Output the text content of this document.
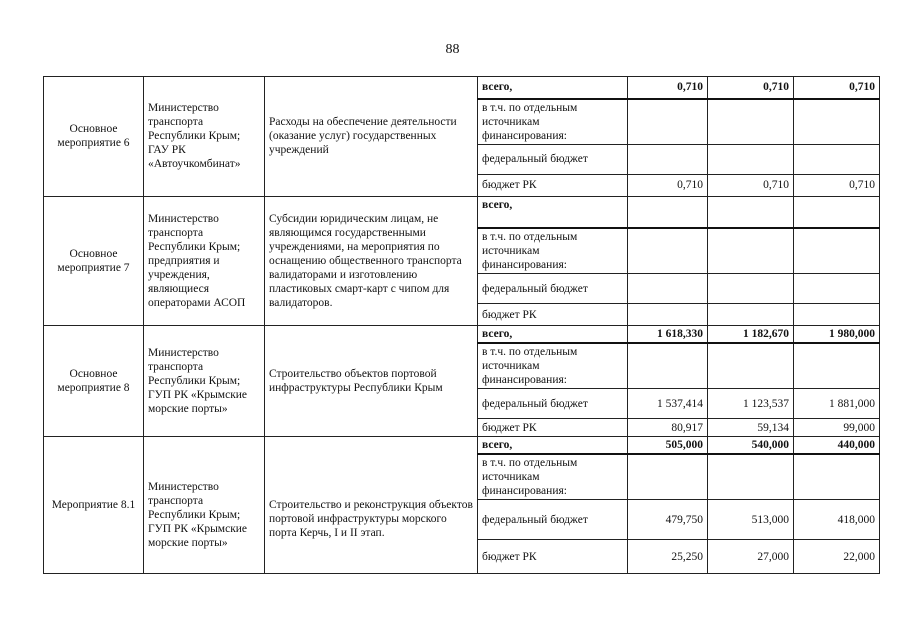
88
Основное мероприятие 6	Министерство транспорта Республики Крым; ГАУ РК «Автоучкомбинат»	Расходы на обеспечение деятельности (оказание услуг) государственных учреждений	всего,	0,710	0,710	0,710
			в т.ч. по отдельным источникам финансирования:			
			федеральный бюджет			
			бюджет РК	0,710	0,710	0,710
Основное мероприятие 7	Министерство транспорта Республики Крым; предприятия и учреждения, являющиеся операторами АСОП	Субсидии юридическим лицам, не являющимся государственными учреждениями, на мероприятия по оснащению общественного транспорта валидаторами и изготовлению пластиковых смарт-карт с чипом для валидаторов.	всего,			
			в т.ч. по отдельным источникам финансирования:			
			федеральный бюджет			
			бюджет РК			
Основное мероприятие 8	Министерство транспорта Республики Крым; ГУП РК «Крымские морские порты»	Строительство объектов портовой инфраструктуры Республики Крым	всего,	1 618,330	1 182,670	1 980,000
			в т.ч. по отдельным источникам финансирования:			
			федеральный бюджет	1 537,414	1 123,537	1 881,000
			бюджет РК	80,917	59,134	99,000
Мероприятие 8.1	Министерство транспорта Республики Крым; ГУП РК «Крымские морские порты»	Строительство и реконструкция объектов портовой инфраструктуры морского порта Керчь, I и II этап.	всего,	505,000	540,000	440,000
			в т.ч. по отдельным источникам финансирования:			
			федеральный бюджет	479,750	513,000	418,000
			бюджет РК	25,250	27,000	22,000
